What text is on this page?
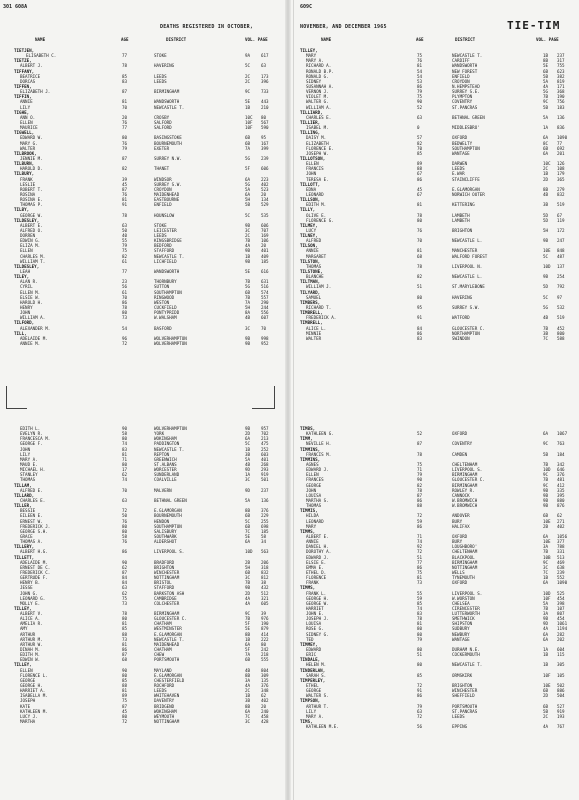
301 608A	609C
DEATHS REGISTERED IN OCTOBER,	NOVEMBER, AND DECEMBER 1965	TIE-TIM
NAME	AGE	DISTRICT	VOL. PAGE	NAME	AGE	DISTRICT	VOL. PAGE
TIETJEN,
ELISABETH C.	77	STOKE	9A	617
TIETZE,
ALBERT J.	78	HAVERING	5C	63
TIFFANY,
BEATRICE	85	LEEDS	2C	173
DORCAS	83	LEEDS	2C	396
TIFFEN,
ELIZABETH J.	87	BIRMINGHAM	9C	733
TIFFIN,
ANNIE	81	WANDSWORTH	5E	443
LILY	70	NEWCASTLE T.	1B	210
TIGHE,
ANN O.	20	CROSBY	10C 80
ELLEN	76	SALFORD	10F 567
MAURICE	77	SALFORD	10F 590
TIGWELL,
EDWARD W.	80	BASINGSTOKE	6B	95
MARY G.	76	BOURNEMOUTH	6B	167
WALTER	79	EXETER	7A	399
TILBROOK,
JENNIE M.	87	SURREY N.W.	5G	239
TILBURN,
HAROLD D.	82	THANET	5F	606
TILBURY,
FRANK	39	WINDSOR	6A	223
LESLIE	45	SURREY S.W.	5G	402
ROBERT T.	87	CROYDON	5A	523
ROSINA	76	MAIDENHEAD	6A	20
ROSINA E.	81	EASTBOURNE	5H	134
THOMAS P.	91	ENFIELD	5B	529
TILBY,
GEORGE W.	78	HOUNSLOW	5C	535
TILDESLEY,
ALBERT E.	63	STOKE	9B	606
ALFRED O.	50	LEICESTER	3C	707
DORREN	40	LEEDS	2C	169
EDWIN G.	55	KINGSBRIDGE	7B	106
ELIZA M.	79	BEDFORD	4A	20
ELLEN	75	STAFFORD	9B	401
CHARLES M.	82	NEWCASTLE T.	1B	409
WILLIAM T.	61	LICHFIELD	9B	185
TILDESLEY,
LEAH	77	WANDSWORTH	5E	616
TILEY,
ALAN R.	23	THORNBURY	7B	631
CYRIL	56	SUTTON	5G	516
ELLEN M.	61	SOUTHAMPTON	6B	574
ELSIE W.	70	RINGWOOD	7B	557
HAROLD H.	86	WESTON	7A	290
HENRY	78	CUCKFIELD	5H	244
JOHN	80	PONTYPRIDD	8A	556
WILLIAM A.	73	W.WALSHAM	4B	607
TILFORD,
ALEXANDER M.	54	BASFORD	3C	70
TILL,
ADELAIDE M.	96	WOLVERHAMPTON	9B	998
ANNIE M.	72	WOLVERHAMPTON	9B	952
EDITH L.	90	WOLVERHAMPTON	9B	957
EVELYN R.	58	YORK	2D	702
FRANCESCA M.	80	WOKINGHAM	6A	213
GEORGE F.	74	PADDINGTON	5C	475
JOHN	83	NEWCASTLE T.	1B	252
LILY	81	REPTON	3B	603
MARY A.	71	GREENWICH	5A	401
MAUD E.	80	ST.ALBANS	4B	268
MICHAEL H.	17	WORCESTER	9D	293
STANLEY	62	SUNDERLAND	1A	919
THOMAS	74	COALVILLE	3C	501
TILLAM,
ALFRED E.	70	MALVERN	9D	237
TILLARD,
CHARLES E.	63	BETHNAL GREEN	5A	136
TILLER,
BESSIE	72	E.GLAMORGAN	8B	376
EILEEN E.	50	BOURNEMOUTH	6B	229
ERNEST W.	76	HENDON	5C	255
FREDERICK J.	80	SOUTHAMPTON	6B	698
GEORGE S.H.	80	SALISBURY	7C	185
GRACE	58	SOUTHWARK	5E	58
THOMAS A.	76	ALDERSHOT	6A	34
TILLERY,
ALBERT H.G.	86	LIVERPOOL S.	10D 563
TILLETT,
ADELAIDE M.	90	BRADFORD	2B	206
ERNEST DE C.	62	BRIGHTON	5H	318
FREDERICK C.	87	WINCHESTER	6B	832
GERTRUDE F.	84	NOTTINGHAM	3C	812
HENRY B.	84	BRISTOL	7B	38
JESSE	63	STAFFORD	9B	432
JOHN G.	62	BARKSTON ASH	2D	512
LEONARD G.	75	CAMBRIDGE	4A	321
MOLLY E.	73	COLCHESTER	4A	605
TILLEY,
ALBERT V.	78	BIRMINGHAM	9C	39
ALICE A.	80	GLOUCESTER C.	7B	976
AMELIA R.	81	CHATHAM	5F	190
AMY	85	WESTMINSTER	5E	879
ARTHUR	88	E.GLAMORGAN	8B	414
ARTHUR M.	73	NEWCASTLE T.	1B	222
ARTHUR W.	81	MAIDENHEAD	6A	80
DINAH M.	86	CHATHAM	5F	242
EDITH M.	87	CHEW	7A	218
EDWIN W.	68	PORTSMOUTH	6B	555
TILLEY,
ELLEN	90	MAYLAND	4B	804
FLORENCE L.	80	E.GLAMORGAN	8B	309
GEORGE	85	CHESTERFIELD	3A	135
GEORGE H.	88	ROCHFORD	4A	376
HARRIET A.	81	LEEDS	2C	348
ISABELLA M.	89	WHITEHAVEN	1B	62
JOSEPH	75	DAVENTRY	3B	402
KATE	87	BRIDGEND	8B	20
KATHLEEN M.	45	WOKINGHAM	6A	240
LUCY J.	80	WEYMOUTH	7C	458
MARTHA	72	NOTTINGHAM	3C	428
TILLEY,
MARY	75	NEWCASTLE T.	1B 237
MARY A.	76	CARDIFF	8B 317
RICHARD A.	81	WANDSWORTH	5E 755
RONALD B.P.	54	NEW FOREST	6B 623
RONALD G.	54	ENFIELD	5B 382
SIDNEY	53	CROYDON	5A 819
SUSANNAH A.	86	N.HEMPSTEAD	4A 171
VERNON J.	79	SURREY S.E.	5G 368
VIOLET M.	75	PLYMPTON	7B 190
WALTER G.	90	COVENTRY	9C 756
WILLIAM A.	52	ST.PANCRAS	5B 183
TILLIARD,
CHARLES E.	63	BETHNAL GREEN	5A 136
TILLIER,
ISABEL M.	0	MIDDLESBRO'	1A 836
TILLING,
DAISY M.	57	OXFORD	6A 1090
ELIZABETH	82	BEDWELTY	8C 77
FLORENCE E.	70	SOUTHAMPTON	6B 692
JOSEPH W.	85	WANTAGE	6A 201
TILLOTSON,
ELLEN	89	DARWEN	10C 126
FRANCIS	88	LEEDS	2C 108
JOHN	67	E.WAR	1B 179
TERESA E.	86	STAINCLIFFE	2D 365
TILLOTT,
EDNA	45	E.GLAMORGAN	8B 279
LEONARD	67	NORWICH OUTER	4B 832
TILLSON,
EDITH M.	81	KETTERING	3B 519
TILLY,
OLIVE E.	78	LAMBETH	5D 67
FLORENCE G.	80	LAMBETH	5D 119
TILMEY,
LUCY	76	BRIGHTON	5H 172
TILNEY,
ALFRED	70	NEWCASTLE L.	9B 247
TILSON,
ANNIE	81	MANCHESTER	10E 848
MARGARET	68	WALFORD FOREST	5C 487
TILSTON,
THOMAS	78	LIVERPOOL N.	10D 137
TILSTONE,
BLANCHE	82	NEWCASTLE L.	9B 254
TILTMAN,
WILLIAM J.	51	ST.MARYLEBONE	5D 792
TILYARD,
SAMUEL	80	HAVERING	5C 97
TIMBERS,
RICHARD T.	95	SURREY S.W.	5G 532
TIMBRELL,
FREDERICK A.	91	WATFORD	4B 519
TIMBRELL,
ALICE L.	84	GLOUCESTER C.	7B 452
MINNIE	86	NORTHAMPTON	3B 800
WALTER	83	SWINDON	7C 588
TIMBS,
KATHLEEN G.	52	OXFORD	6A 1067
TIMM,
NEVILLE H.	87	COVENTRY	9C 763
TIMMINS,
FRANCIS M.	78	CAMDEN	5B 184
TIMMINS,
AGNES	75	CHELTENHAM	7B 342
EDWARD J.	71	LIVERPOOL S.	10D 646
ELLEN	79	BIRMINGHAM	9C 376
FRANCES	90	GLOUCESTER C.	7B 481
GEORGE	82	BIRMINGHAM	9C 412
JOHN	78	ROWLEY R.	9B 335
LOUISA	87	CANNOCK	9B 395
MARTHA S.	86	W.BROMWICH	9B 880
THOMAS	88	W.BROMWICH	9B 876
TIMMIS,
HILDA	72	ANDOVER	6B 62
LEONARD	59	BURY	10E 271
MARY	86	HALIFAX	2B 402
TIMMS,
ALBERT E.	71	OXFORD	6A 1056
ANNIE	74	BURY	10E 377
DANIEL H.	92	LOUGHBORO'	3A 788
DOROTHY A.	72	CHELTENHAM	7B 331
EDWARD J.	51	BLACKPOOL	10B 513
ELSIE E.	77	BIRMINGHAM	9C 469
EMMA E.	86	NOTTINGHAM	3C 638
ETHEL D.	75	WELLS	7C 239
FLORENCE	81	TYNEMOUTH	1B 552
FRANK	73	OXFORD	6A 1090
TIMMS,
FRANK L.	55	LIVERPOOL S.	10D 525
GEORGE H.	59	W.WORSTON	10F 454
GEORGE W.	85	CHELSEA	5A 398
HARRIET	74	CIRENCESTER	7B 107
JOHN E.	83	LUTTERWORTH	3A 807
JOSEPH J.	78	SMETHWICK	9B 454
LOUISA	81	SHIPSTON	9D 1061
ROSE G.	80	SUDBURY	4A 1194
SIDNEY G.	80	NEWBURY	6A 282
TED	79	WANTAGE	6A 202
TIMMEY,
EDWARD	80	DURHAM N.E.	1A 604
ERIC	51	COCKERMOUTH	1B 115
TINDALE,
HELEN M.	80	NEWCASTLE T.	1B 305
TINDERLAN,
SARAH S.	85	ORMSKIRK	10F 105
TIMPERLEY,
ETHEL	72	BRIGHTON	10E 502
GEORGE	91	WINCHESTER	6B 886
WALTER S.	86	SHEFFIELD	2D 504
TIMPSON,
ARTHUR T.	79	PORTSMOUTH	6B 527
LILY	63	ST.PANCRAS	5B 919
MARY A.	72	LEEDS	2C 193
TIMS,
KATHLEEN M.E.	56	EPPING	4A 767
